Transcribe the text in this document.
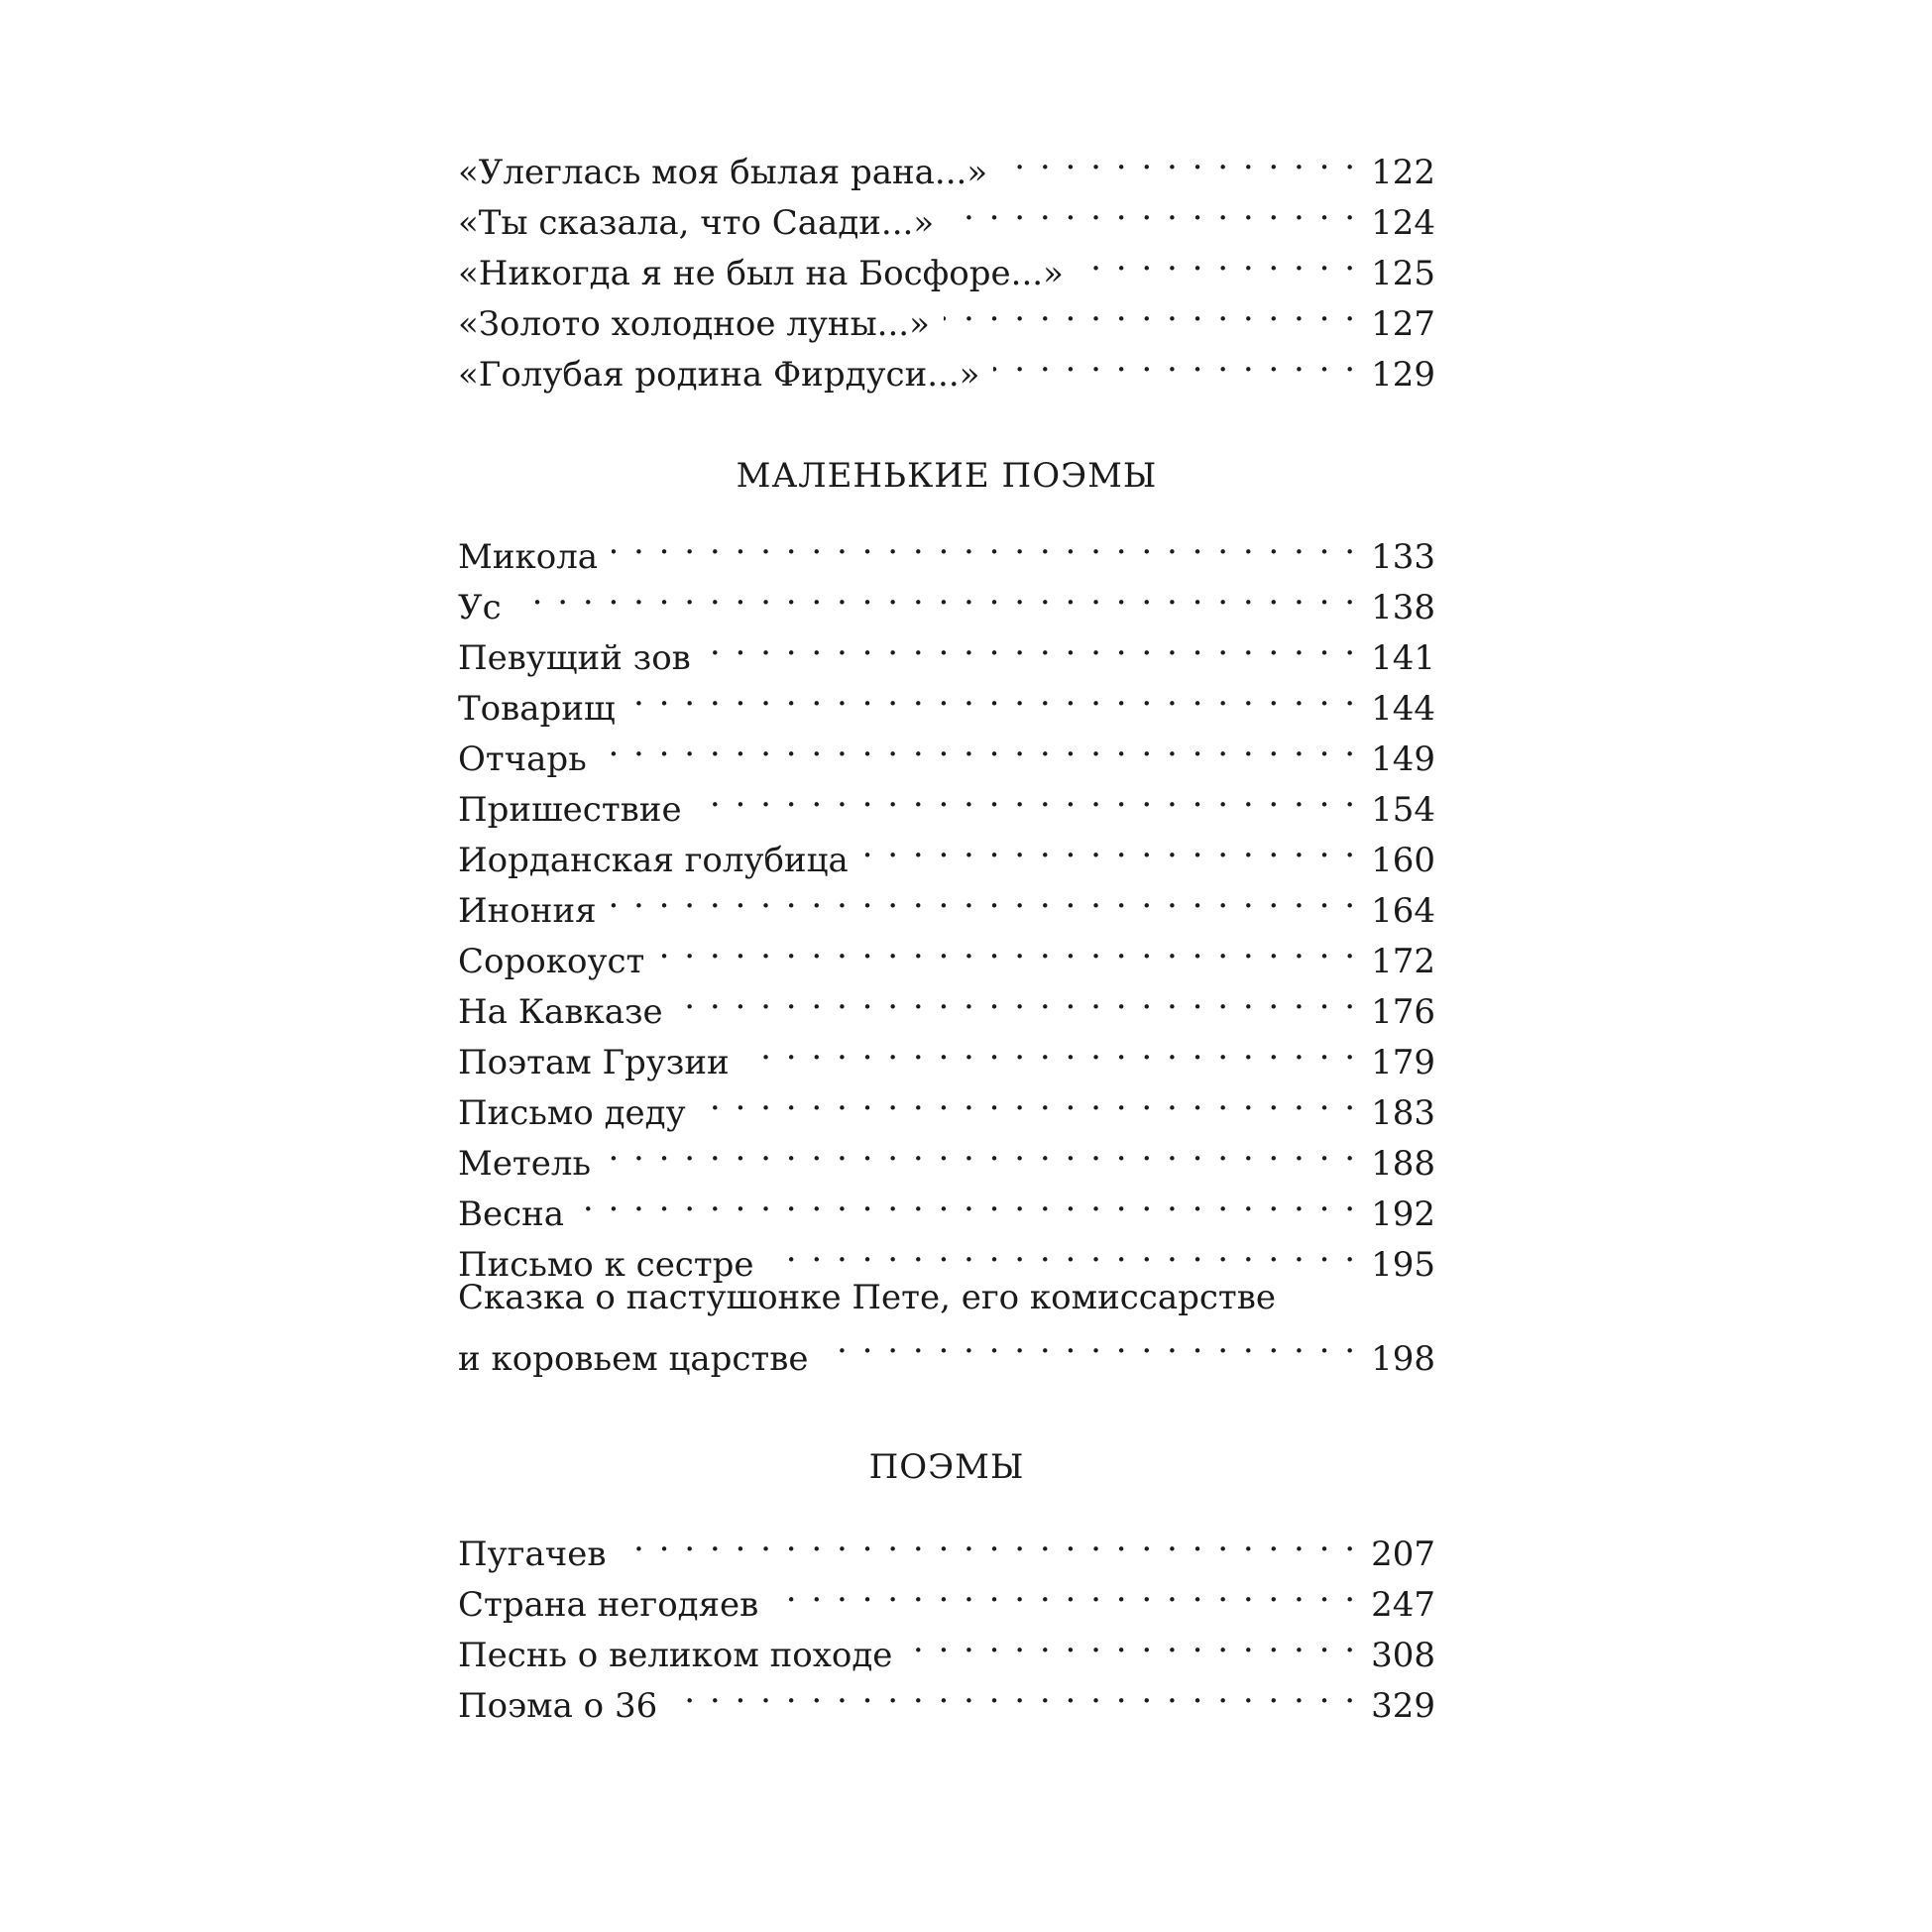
«Улеглась моя былая рана...» . . .	122
«Ты сказала, что Саади...» . . .	124
«Никогда я не был на Босфоре...» . . .	125
«Золото холодное луны...» . . .	127
«Голубая родина Фирдуси...» . . .	129
МАЛЕНЬКИЕ ПОЭМЫ
Микола . . .	133
Ус . . .	138
Певущий зов . . .	141
Товарищ . . .	144
Отчарь . . .	149
Пришествие . . .	154
Иорданская голубица . . .	160
Инония . . .	164
Сорокоуст . . .	172
На Кавказе . . .	176
Поэтам Грузии . . .	179
Письмо деду . . .	183
Метель . . .	188
Весна . . .	192
Письмо к сестре . . .	195
Сказка о пастушонке Пете, его комиссарстве
и коровьем царстве . . .	198
ПОЭМЫ
Пугачев . . .	207
Страна негодяев . . .	247
Песнь о великом походе . . .	308
Поэма о 36 . . .	329
